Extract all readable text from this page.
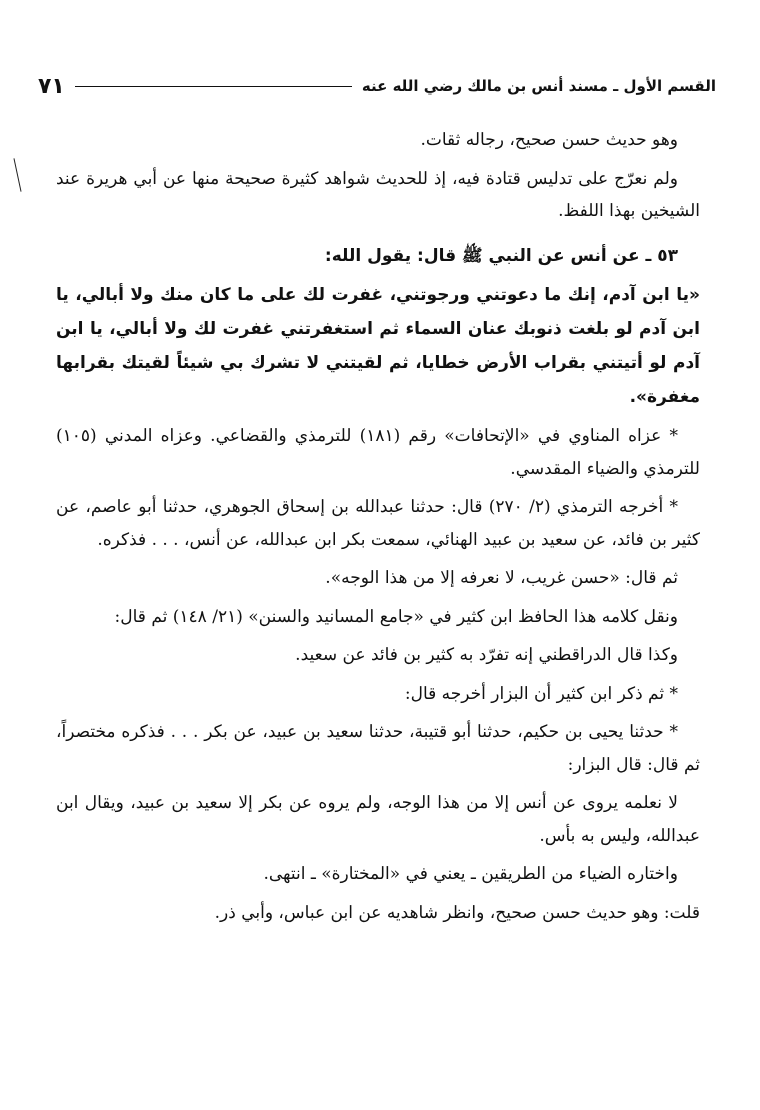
القسم الأول ـ مسند أنس بن مالك رضي الله عنه
٧١

وهو حديث حسن صحيح، رجاله ثقات.

ولم نعرّج على تدليس قتادة فيه، إذ للحديث شواهد كثيرة صحيحة منها عن أبي هريرة عند الشيخين بهذا اللفظ.

٥٣ ـ عن أنس عن النبي ﷺ قال: يقول الله:

«يا ابن آدم، إنك ما دعوتني ورجوتني، غفرت لك على ما كان منك ولا أبالي، يا ابن آدم لو بلغت ذنوبك عنان السماء ثم استغفرتني غفرت لك ولا أبالي، يا ابن آدم لو أتيتني بقراب الأرض خطايا، ثم لقيتني لا تشرك بي شيئاً لقيتك بقرابها مغفرة».

* عزاه المناوي في «الإتحافات» رقم (١٨١) للترمذي والقضاعي. وعزاه المدني (١٠٥) للترمذي والضياء المقدسي.

* أخرجه الترمذي (٢/ ٢٧٠) قال: حدثنا عبدالله بن إسحاق الجوهري، حدثنا أبو عاصم، عن كثير بن فائد، عن سعيد بن عبيد الهنائي، سمعت بكر ابن عبدالله، عن أنس، . . . فذكره.

ثم قال: «حسن غريب، لا نعرفه إلا من هذا الوجه».

ونقل كلامه هذا الحافظ ابن كثير في «جامع المسانيد والسنن» (٢١/ ١٤٨) ثم قال:

وكذا قال الدراقطني إنه تفرّد به كثير بن فائد عن سعيد.

* ثم ذكر ابن كثير أن البزار أخرجه قال:

* حدثنا يحيى بن حكيم، حدثنا أبو قتيبة، حدثنا سعيد بن عبيد، عن بكر . . . فذكره مختصراً، ثم قال: قال البزار:

لا نعلمه يروى عن أنس إلا من هذا الوجه، ولم يروه عن بكر إلا سعيد بن عبيد، ويقال ابن عبدالله، وليس به بأس.

واختاره الضياء من الطريقين ـ يعني في «المختارة» ـ انتهى.

قلت: وهو حديث حسن صحيح، وانظر شاهديه عن ابن عباس، وأبي ذر.
